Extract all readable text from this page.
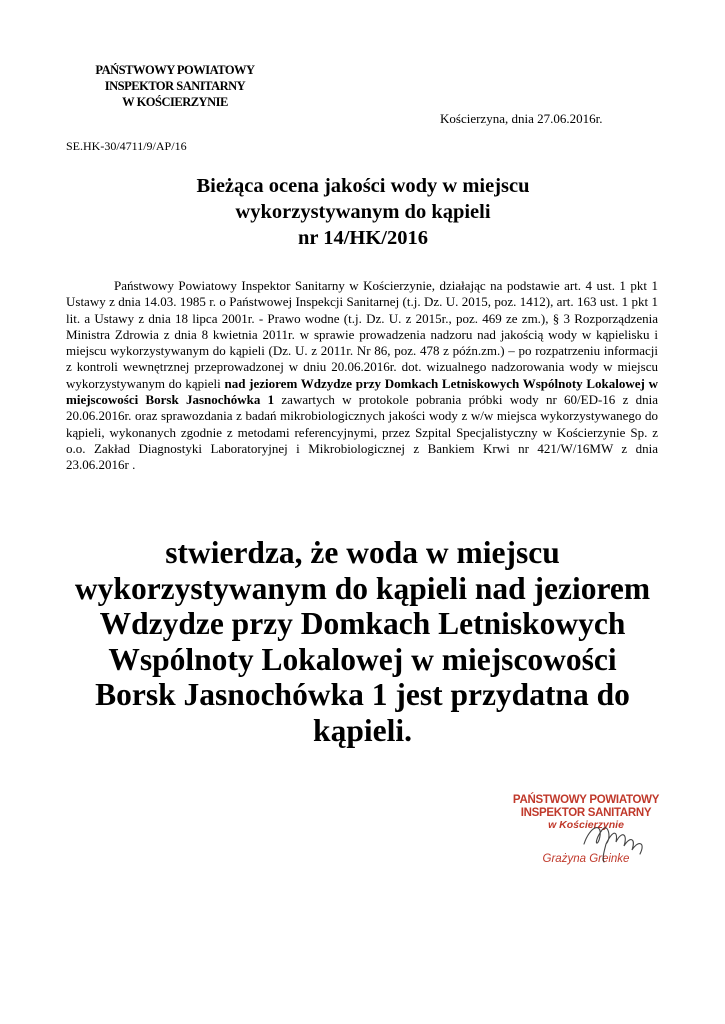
PAŃSTWOWY POWIATOWY
INSPEKTOR SANITARNY
W KOŚCIERZYNIE
Kościerzyna, dnia 27.06.2016r.
SE.HK-30/4711/9/AP/16
Bieżąca ocena jakości wody w miejscu
wykorzystywanym do kąpieli
nr 14/HK/2016

Państwowy Powiatowy Inspektor Sanitarny w Kościerzynie, działając na podstawie art. 4 ust. 1 pkt 1 Ustawy z dnia 14.03. 1985 r. o Państwowej Inspekcji Sanitarnej (t.j. Dz. U. 2015, poz. 1412), art. 163 ust. 1 pkt 1 lit. a Ustawy z dnia 18 lipca 2001r. - Prawo wodne (t.j. Dz. U. z 2015r., poz. 469 ze zm.), § 3 Rozporządzenia Ministra Zdrowia z dnia 8 kwietnia 2011r. w sprawie prowadzenia nadzoru nad jakością wody w kąpielisku i miejscu wykorzystywanym do kąpieli (Dz. U. z 2011r. Nr 86, poz. 478 z późn.zm.) – po rozpatrzeniu informacji z kontroli wewnętrznej przeprowadzonej w dniu 20.06.2016r. dot. wizualnego nadzorowania wody w miejscu wykorzystywanym do kąpieli nad jeziorem Wdzydze przy Domkach Letniskowych Wspólnoty Lokalowej w miejscowości Borsk Jasnochówka 1 zawartych w protokole pobrania próbki wody nr 60/ED-16 z dnia 20.06.2016r. oraz sprawozdania z badań mikrobiologicznych jakości wody z w/w miejsca wykorzystywanego do kąpieli, wykonanych zgodnie z metodami referencyjnymi, przez Szpital Specjalistyczny w Kościerzynie Sp. z o.o. Zakład Diagnostyki Laboratoryjnej i Mikrobiologicznej z Bankiem Krwi nr 421/W/16MW z dnia 23.06.2016r .

stwierdza, że woda w miejscu
wykorzystywanym do kąpieli nad jeziorem
Wdzydze przy Domkach Letniskowych
Wspólnoty Lokalowej w miejscowości
Borsk Jasnochówka 1 jest przydatna do
kąpieli.
PAŃSTWOWY POWIATOWY
INSPEKTOR SANITARNY
w Kościerzynie
Grażyna Greinke
